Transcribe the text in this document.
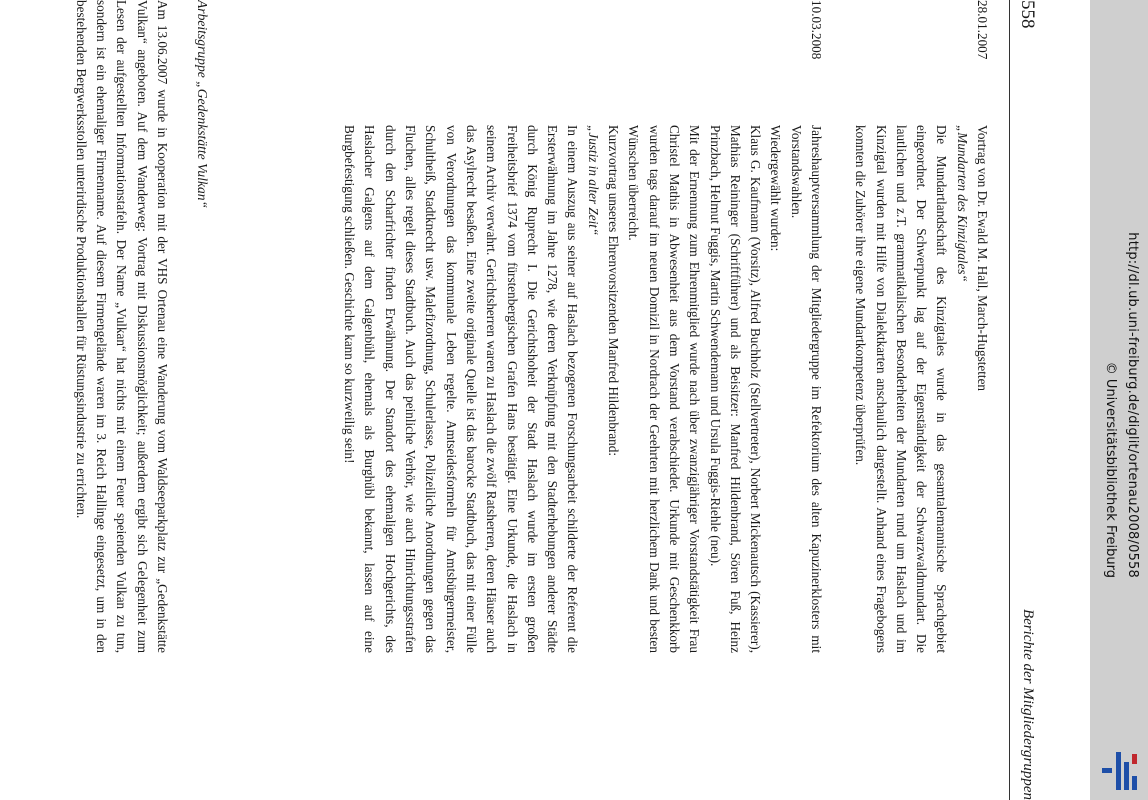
558
Berichte der Mitgliedergruppen
28.01.2007

Vortrag von Dr. Ewald M. Hall, March-Hugstetten

„Mundarten des Kinzigtales“

Die Mundartlandschaft des Kinzigtales wurde in das gesamtalemannische Sprachgebiet eingeordnet. Der Schwerpunkt lag auf der Eigenständigkeit der Schwarzwaldmundart. Die lautlichen und z.T. grammatikalischen Besonderheiten der Mundarten rund um Haslach und im Kinzigtal wurden mit Hilfe von Dialektkarten anschaulich dargestellt. Anhand eines Fragebogens konnten die Zuhörer ihre eigene Mundartkompetenz überprüfen.

10.03.2008

Jahreshauptversammlung der Mitgliedergruppe im Refektorium des alten Kapuzinerklosters mit Vorstandswahlen.

Wiedergewählt wurden:

Klaus G. Kaufmann (Vorsitz), Alfred Buchholz (Stellvertreter), Norbert Mickenautsch (Kassierer), Mathias Reininger (Schriftführer) und als Beisitzer: Manfred Hildenbrand, Sören Fuß, Heinz Prinzbach, Helmut Fuggis, Martin Schwendemann und Ursula Fuggis-Riehle (neu).

Mit der Ernennung zum Ehrenmitglied wurde nach über zwanzigjähriger Vorstandstätigkeit Frau Christel Mathis in Abwesenheit aus dem Vorstand verabschiedet. Urkunde mit Geschenkkorb wurden tags darauf im neuen Domizil in Nordrach der Geehrten mit herzlichem Dank und besten Wünschen überreicht.

Kurzvortrag unseres Ehrenvorsitzenden Manfred Hildenbrand:

„Justiz in alter Zeit“

In einem Auszug aus seiner auf Haslach bezogenen Forschungsarbeit schilderte der Referent die Ersterwähnung im Jahre 1278, wie deren Verknüpfung mit den Stadterhebungen anderer Städte durch König Ruprecht I. Die Gerichtshoheit der Stadt Haslach wurde im ersten großen Freiheitsbrief 1374 vom fürstenbergischen Grafen Hans bestätigt. Eine Urkunde, die Haslach in seinem Archiv verwahrt. Gerichtsherren waren zu Haslach die zwölf Ratsherren, deren Häuser auch das Asylrecht besaßen. Eine zweite originale Quelle ist das barocke Stadtbuch, das mit einer Fülle von Verordnungen das kommunale Leben regelte. Amtseidesformeln für Amtsbürgermeister, Schultheiß, Stadtknecht usw. Malefizordnung, Schulerlasse, Polizeiliche Anordnungen gegen das Fluchen, alles regelt dieses Stadtbuch. Auch das peinliche Verhör, wie auch Hinrichtungsstrafen durch den Scharfrichter finden Erwähnung. Der Standort des ehemaligen Hochgerichts, des Haslacher Galgens auf dem Galgenbühl, ehemals als Burghübl bekannt, lassen auf eine Burgbefestigung schließen. Geschichte kann so kurzweilig sein!

Arbeitsgruppe „Gedenkstätte Vulkan“

Am 13.06.2007 wurde in Kooperation mit der VHS Ortenau eine Wanderung vom Waldseeparkplatz zur „Gedenkstätte Vulkan“ angeboten. Auf dem Wanderweg: Vortrag mit Diskussionsmöglichkeit; außerdem ergibt sich Gelegenheit zum Lesen der aufgestellten Informationstafeln. Der Name „Vulkan“ hat nichts mit einem Feuer speienden Vulkan zu tun, sondern ist ein ehemaliger Firmenname. Auf diesem Firmengelände waren im 3. Reich Hallinge eingesetzt, um in den bestehenden Bergwerksstollen unterirdische Produktionshallen für Rüstungsindustrie zu errichten.	http://dl.ub.uni-freiburg.de/diglit/ortenau2008/0558
© Universitätsbibliothek Freiburg
